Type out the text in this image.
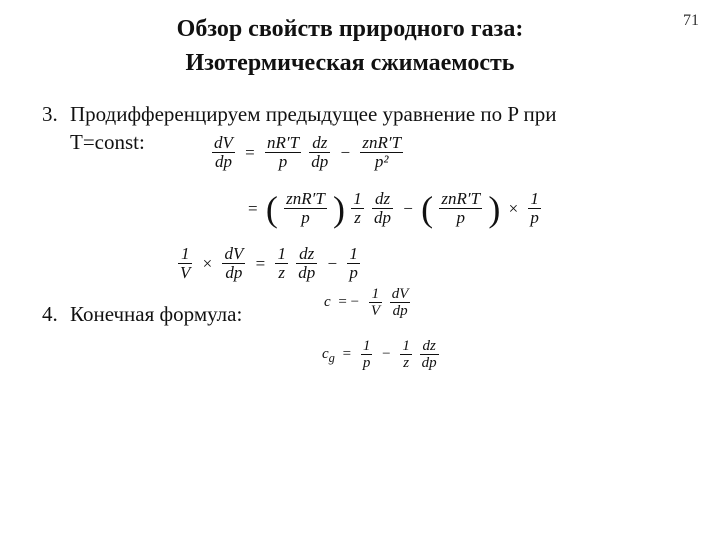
Обзор свойств природного газа:
Изотермическая сжимаемость
71
3. Продифференцируем предыдущее уравнение по P при
T=const:	$\frac{dV}{dp} = \frac{nR'T}{p}$
$\frac{dz}{dp} - \frac{\text{znR′T}}{\text{p²}}$
= ( $\frac{\text{znR′T}}{p}$ ) $\frac{1}{z}$
$\frac{dz}{dp}$ − ( $\frac{\text{znR′T}}{p}$ ) × $\frac{1}{p}$
$\frac{1}{V} \times \frac{dV}{dp} = \frac{1}{z}$
$\frac{dz}{dp} - \frac{1}{p}$
4. Конечная формула:
c = − $\frac{1}{V}$
$\frac{dV}{dp}$
$c_g = \frac{1}{p} - \frac{1}{z}$
$\frac{dz}{dp}$
